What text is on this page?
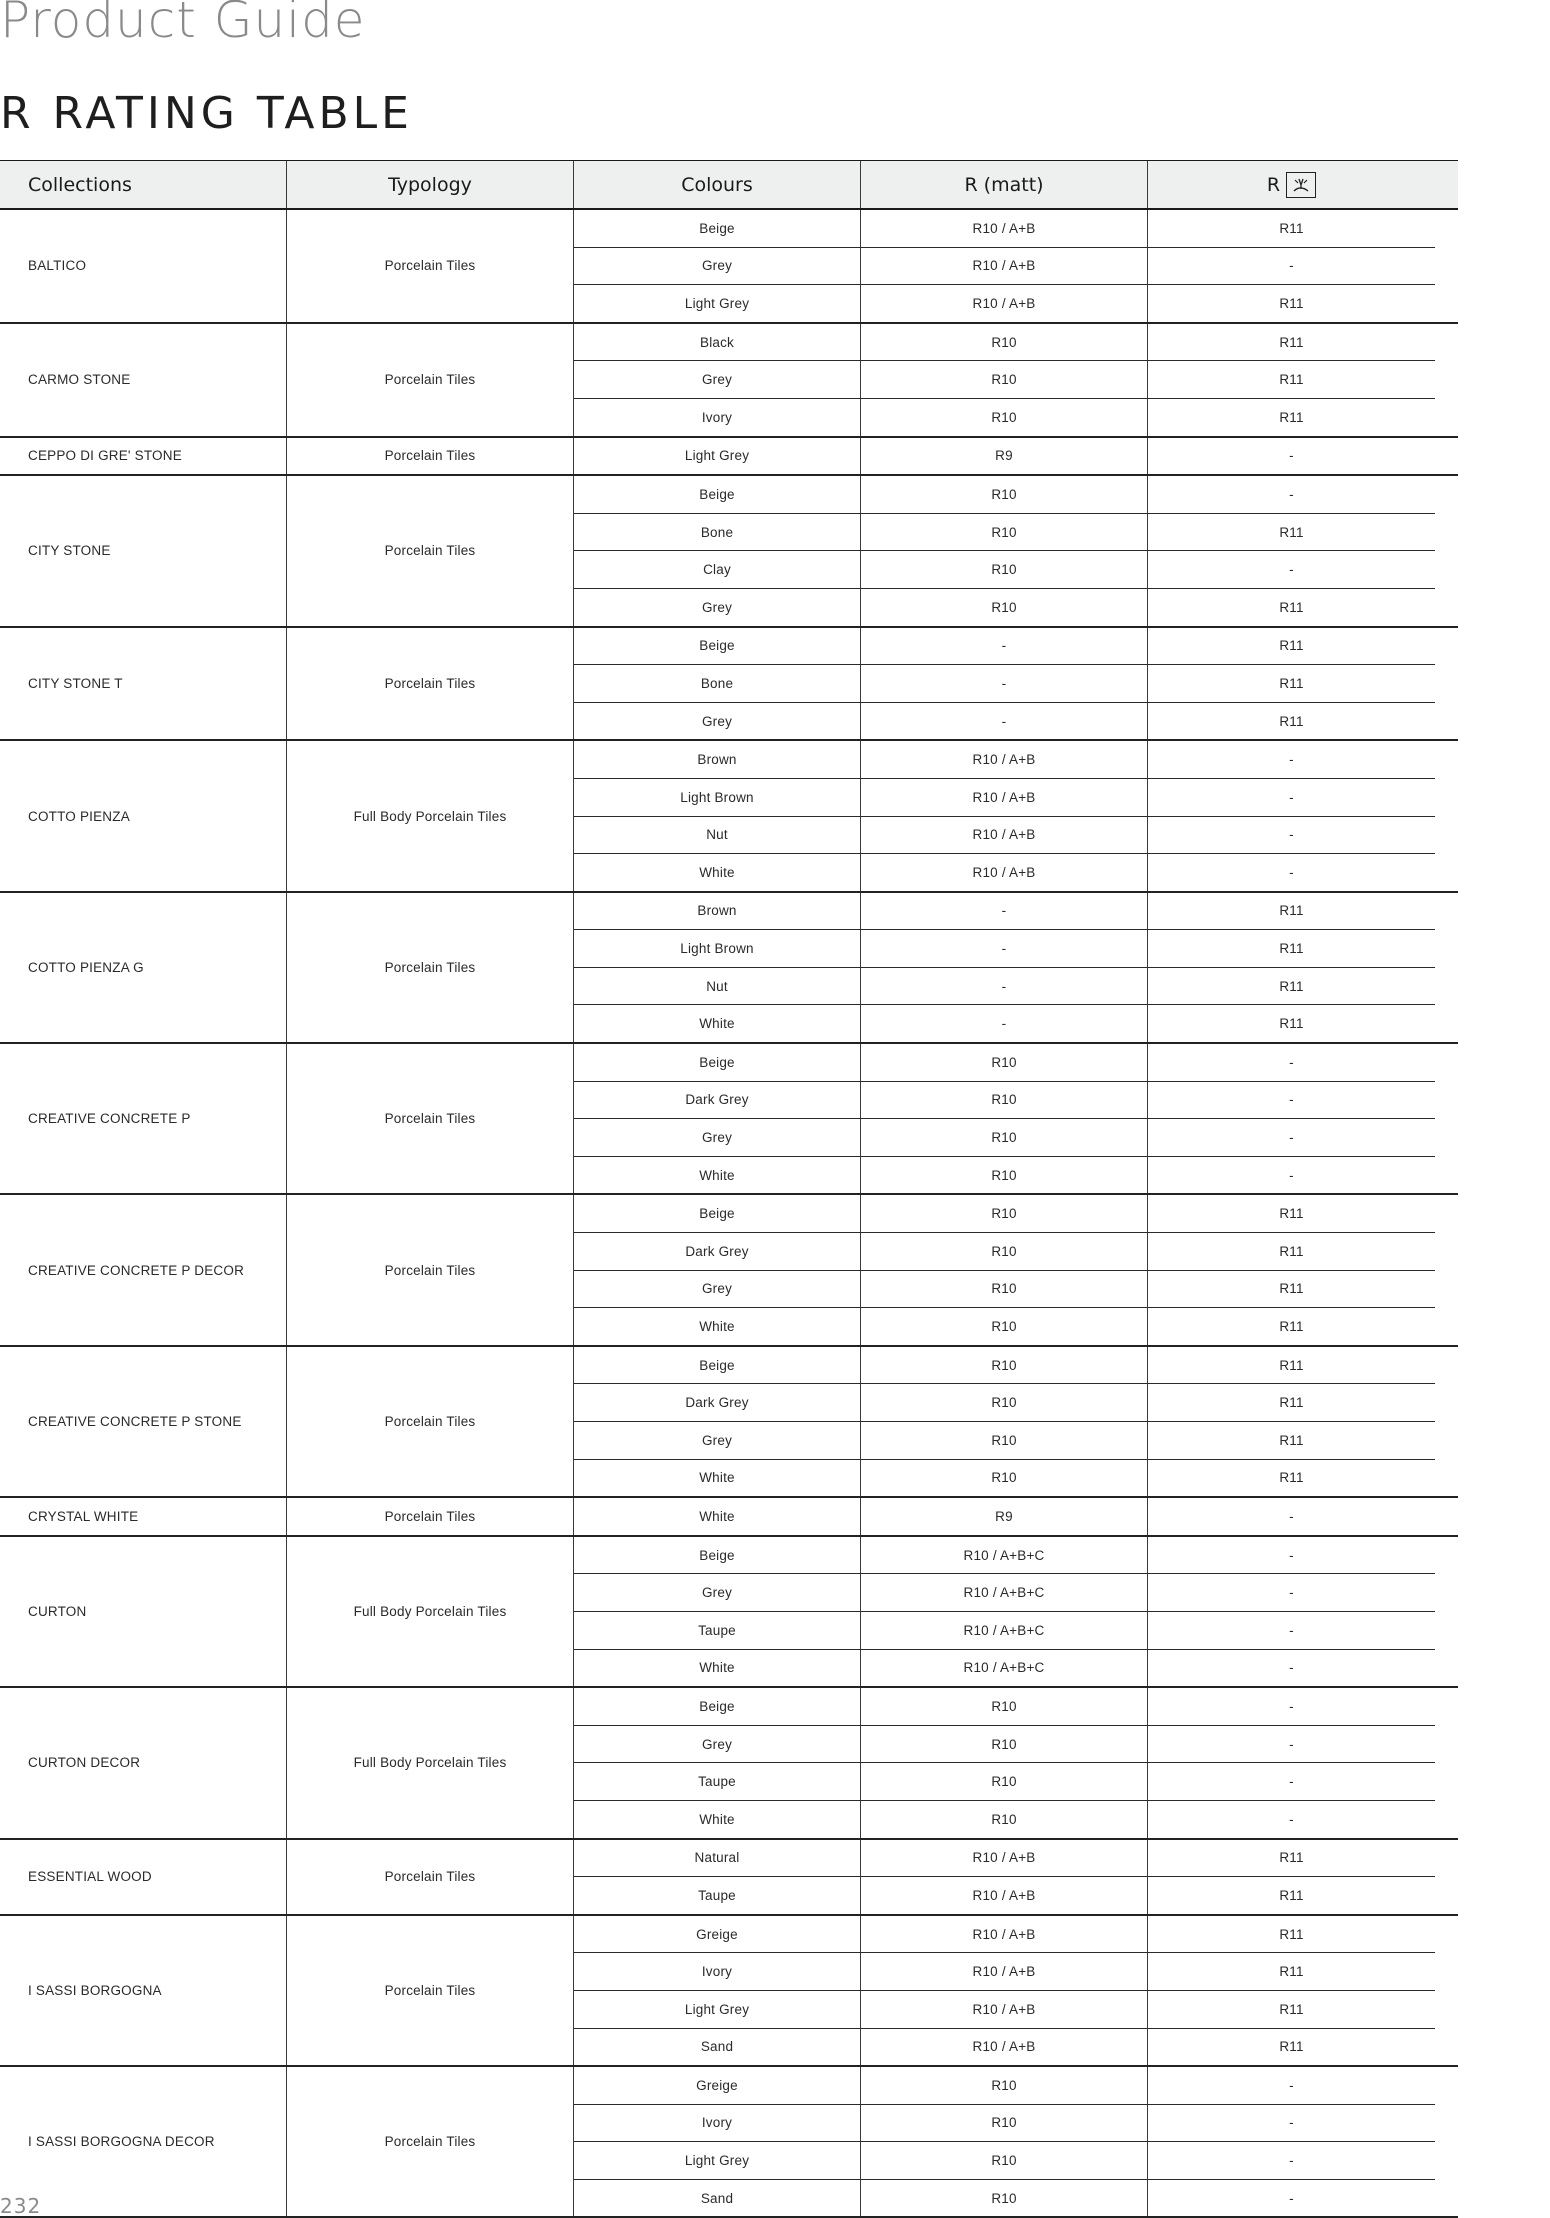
Product Guide
R RATING TABLE
Collections	Typology	Colours	R (matt)	R
BALTICO	Porcelain Tiles
Beige	R10 / A+B	R11
Grey	R10 / A+B	-
Light Grey	R10 / A+B	R11
CARMO STONE	Porcelain Tiles
Black	R10	R11
Grey	R10	R11
Ivory	R10	R11
CEPPO DI GRE' STONE	Porcelain Tiles	Light Grey	R9	-
CITY STONE	Porcelain Tiles
Beige	R10	-
Bone	R10	R11
Clay	R10	-
Grey	R10	R11
CITY STONE T	Porcelain Tiles
Beige	-	R11
Bone	-	R11
Grey	-	R11
COTTO PIENZA	Full Body Porcelain Tiles
Brown	R10 / A+B	-
Light Brown	R10 / A+B	-
Nut	R10 / A+B	-
White	R10 / A+B	-
COTTO PIENZA G	Porcelain Tiles
Brown	-	R11
Light Brown	-	R11
Nut	-	R11
White	-	R11
CREATIVE CONCRETE P	Porcelain Tiles
Beige	R10	-
Dark Grey	R10	-
Grey	R10	-
White	R10	-
CREATIVE CONCRETE P DECOR	Porcelain Tiles
Beige	R10	R11
Dark Grey	R10	R11
Grey	R10	R11
White	R10	R11
CREATIVE CONCRETE P STONE	Porcelain Tiles
Beige	R10	R11
Dark Grey	R10	R11
Grey	R10	R11
White	R10	R11
CRYSTAL WHITE	Porcelain Tiles	White	R9	-
CURTON	Full Body Porcelain Tiles
Beige	R10 / A+B+C	-
Grey	R10 / A+B+C	-
Taupe	R10 / A+B+C	-
White	R10 / A+B+C	-
CURTON DECOR	Full Body Porcelain Tiles
Beige	R10	-
Grey	R10	-
Taupe	R10	-
White	R10	-
ESSENTIAL WOOD	Porcelain Tiles
Natural	R10 / A+B	R11
Taupe	R10 / A+B	R11
I SASSI BORGOGNA	Porcelain Tiles
Greige	R10 / A+B	R11
Ivory	R10 / A+B	R11
Light Grey	R10 / A+B	R11
Sand	R10 / A+B	R11
I SASSI BORGOGNA DECOR	Porcelain Tiles
Greige	R10	-
Ivory	R10	-
Light Grey	R10	-
Sand	R10	-
232
